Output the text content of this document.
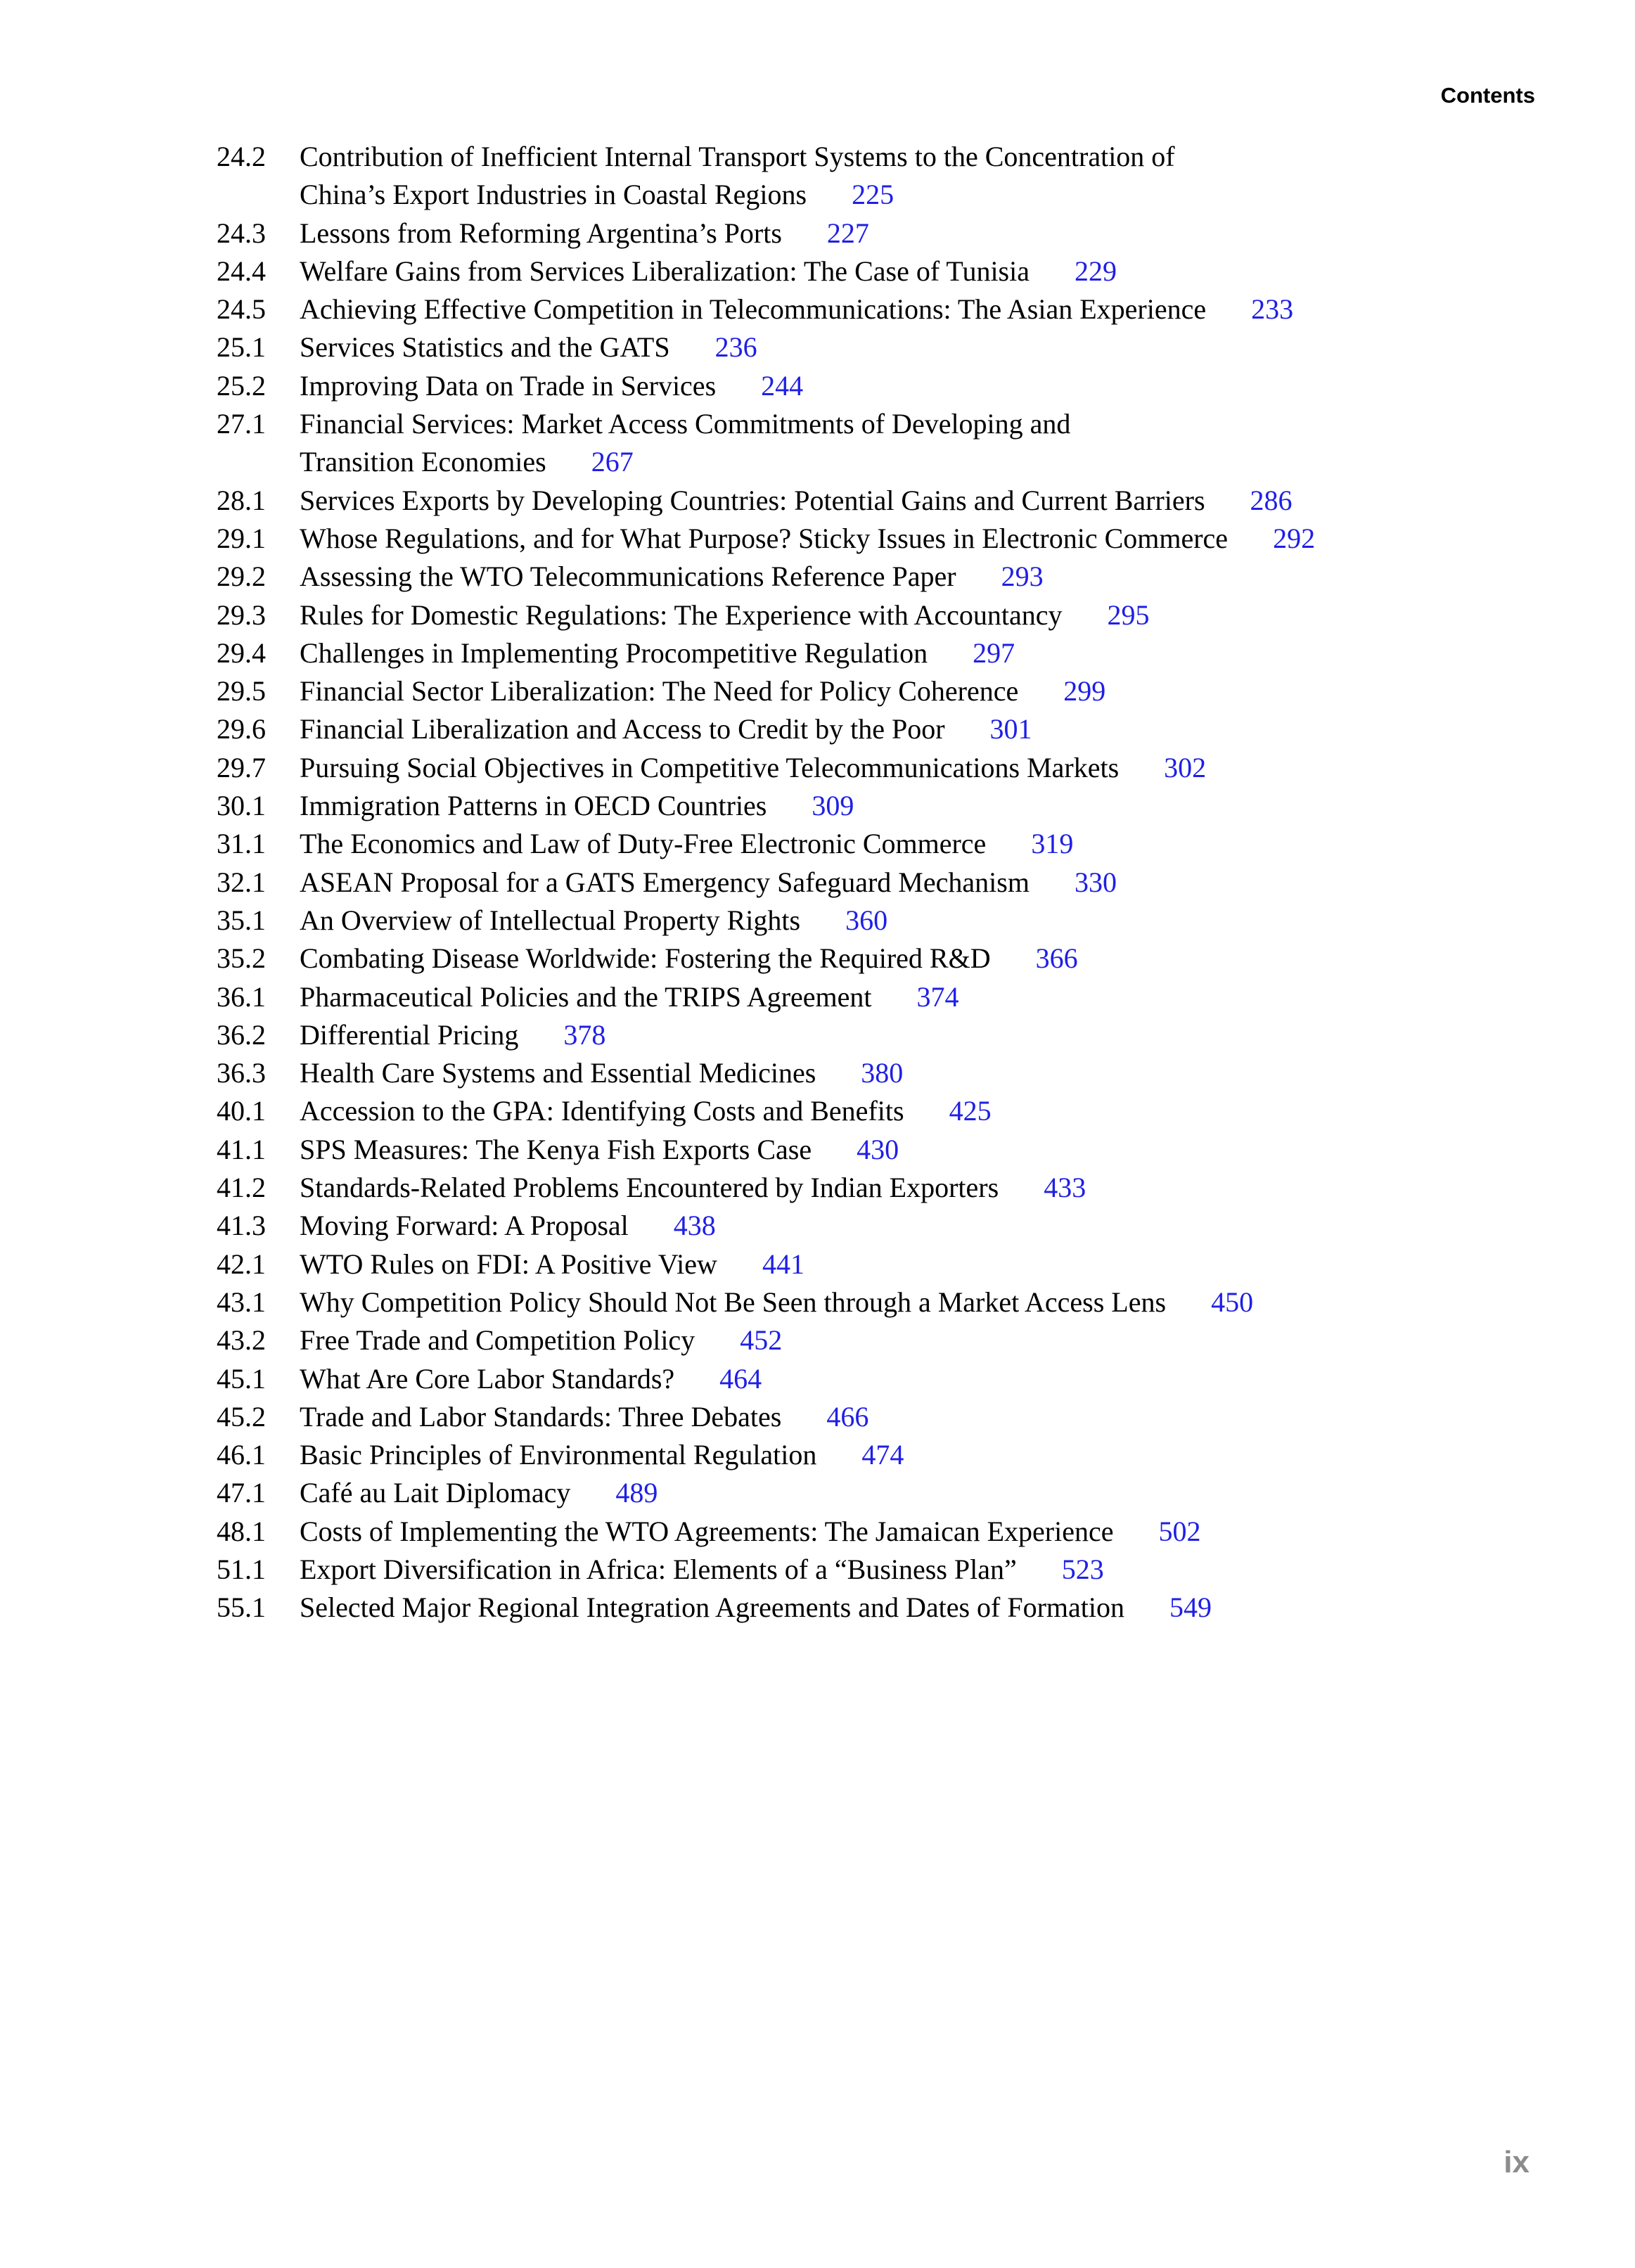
Contents
24.2	Contribution of Inefficient Internal Transport Systems to the Concentration of
China’s Export Industries in Coastal Regions 225
24.3	Lessons from Reforming Argentina’s Ports 227
24.4	Welfare Gains from Services Liberalization: The Case of Tunisia 229
24.5	Achieving Effective Competition in Telecommunications: The Asian Experience 233
25.1	Services Statistics and the GATS 236
25.2	Improving Data on Trade in Services 244
27.1	Financial Services: Market Access Commitments of Developing and
Transition Economies 267
28.1	Services Exports by Developing Countries: Potential Gains and Current Barriers 286
29.1	Whose Regulations, and for What Purpose? Sticky Issues in Electronic Commerce 292
29.2	Assessing the WTO Telecommunications Reference Paper 293
29.3	Rules for Domestic Regulations: The Experience with Accountancy 295
29.4	Challenges in Implementing Procompetitive Regulation 297
29.5	Financial Sector Liberalization: The Need for Policy Coherence 299
29.6	Financial Liberalization and Access to Credit by the Poor 301
29.7	Pursuing Social Objectives in Competitive Telecommunications Markets 302
30.1	Immigration Patterns in OECD Countries 309
31.1	The Economics and Law of Duty-Free Electronic Commerce 319
32.1	ASEAN Proposal for a GATS Emergency Safeguard Mechanism 330
35.1	An Overview of Intellectual Property Rights 360
35.2	Combating Disease Worldwide: Fostering the Required R&D 366
36.1	Pharmaceutical Policies and the TRIPS Agreement 374
36.2	Differential Pricing 378
36.3	Health Care Systems and Essential Medicines 380
40.1	Accession to the GPA: Identifying Costs and Benefits 425
41.1	SPS Measures: The Kenya Fish Exports Case 430
41.2	Standards-Related Problems Encountered by Indian Exporters 433
41.3	Moving Forward: A Proposal 438
42.1	WTO Rules on FDI: A Positive View 441
43.1	Why Competition Policy Should Not Be Seen through a Market Access Lens 450
43.2	Free Trade and Competition Policy 452
45.1	What Are Core Labor Standards? 464
45.2	Trade and Labor Standards: Three Debates 466
46.1	Basic Principles of Environmental Regulation 474
47.1	Café au Lait Diplomacy 489
48.1	Costs of Implementing the WTO Agreements: The Jamaican Experience 502
51.1	Export Diversification in Africa: Elements of a “Business Plan” 523
55.1	Selected Major Regional Integration Agreements and Dates of Formation 549
ix
